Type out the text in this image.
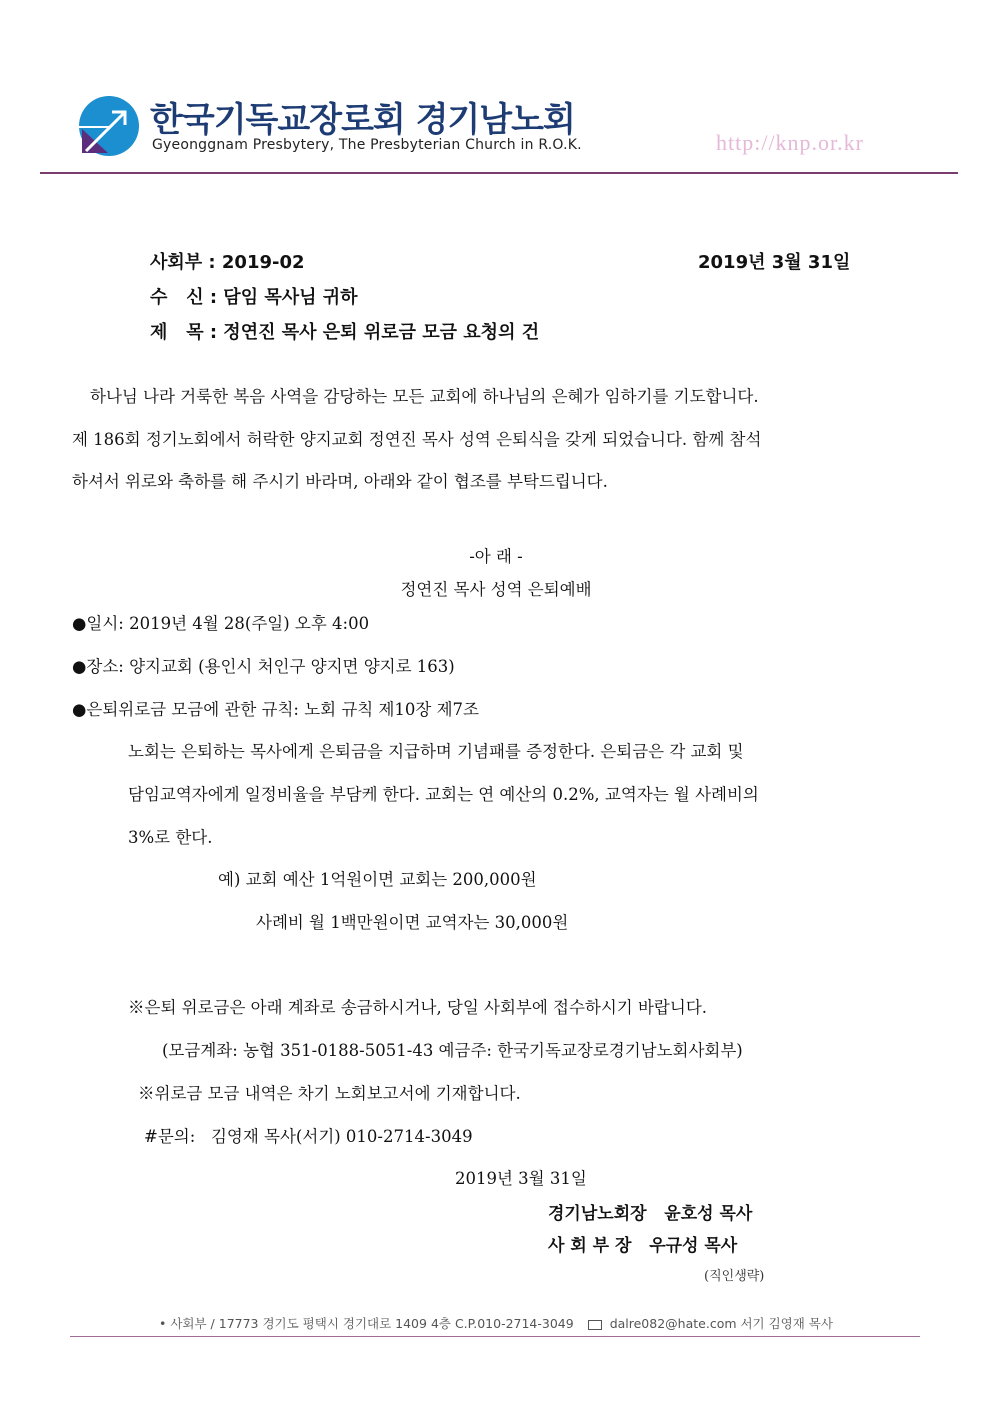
한국기독교장로회 경기남노회
Gyeonggnam Presbytery, The Presbyterian Church in R.O.K.	http://knp.or.kr
사회부 : 2019-02	2019년 3월 31일
수   신 : 담임 목사님 귀하
제   목 : 정연진 목사 은퇴 위로금 모금 요청의 건
하나님 나라 거룩한 복음 사역을 감당하는 모든 교회에 하나님의 은혜가 임하기를 기도합니다.
제 186회 정기노회에서 허락한 양지교회 정연진 목사 성역 은퇴식을 갖게 되었습니다. 함께 참석
하셔서 위로와 축하를 해 주시기 바라며, 아래와 같이 협조를 부탁드립니다.
-아 래 -
정연진 목사 성역 은퇴예배
●일시: 2019년 4월 28(주일) 오후 4:00
●장소: 양지교회 (용인시 처인구 양지면 양지로 163)
●은퇴위로금 모금에 관한 규칙: 노회 규칙 제10장 제7조
노회는 은퇴하는 목사에게 은퇴금을 지급하며 기념패를 증정한다. 은퇴금은 각 교회 및
담임교역자에게 일정비율을 부담케 한다. 교회는 연 예산의 0.2%, 교역자는 월 사례비의
3%로 한다.
예) 교회 예산 1억원이면 교회는 200,000원
사례비 월 1백만원이면 교역자는 30,000원
※은퇴 위로금은 아래 계좌로 송금하시거나, 당일 사회부에 접수하시기 바랍니다.
(모금계좌: 농협 351-0188-5051-43 예금주: 한국기독교장로경기남노회사회부)
※위로금 모금 내역은 차기 노회보고서에 기재합니다.
#문의:   김영재 목사(서기) 010-2714-3049
2019년 3월 31일
경기남노회장   윤호성 목사
사 회 부 장   우규성 목사
(직인생략)
• 사회부 / 17773 경기도 평택시 경기대로 1409 4층 C.P.010-2714-3049	dalre082@hate.com 서기 김영재 목사
